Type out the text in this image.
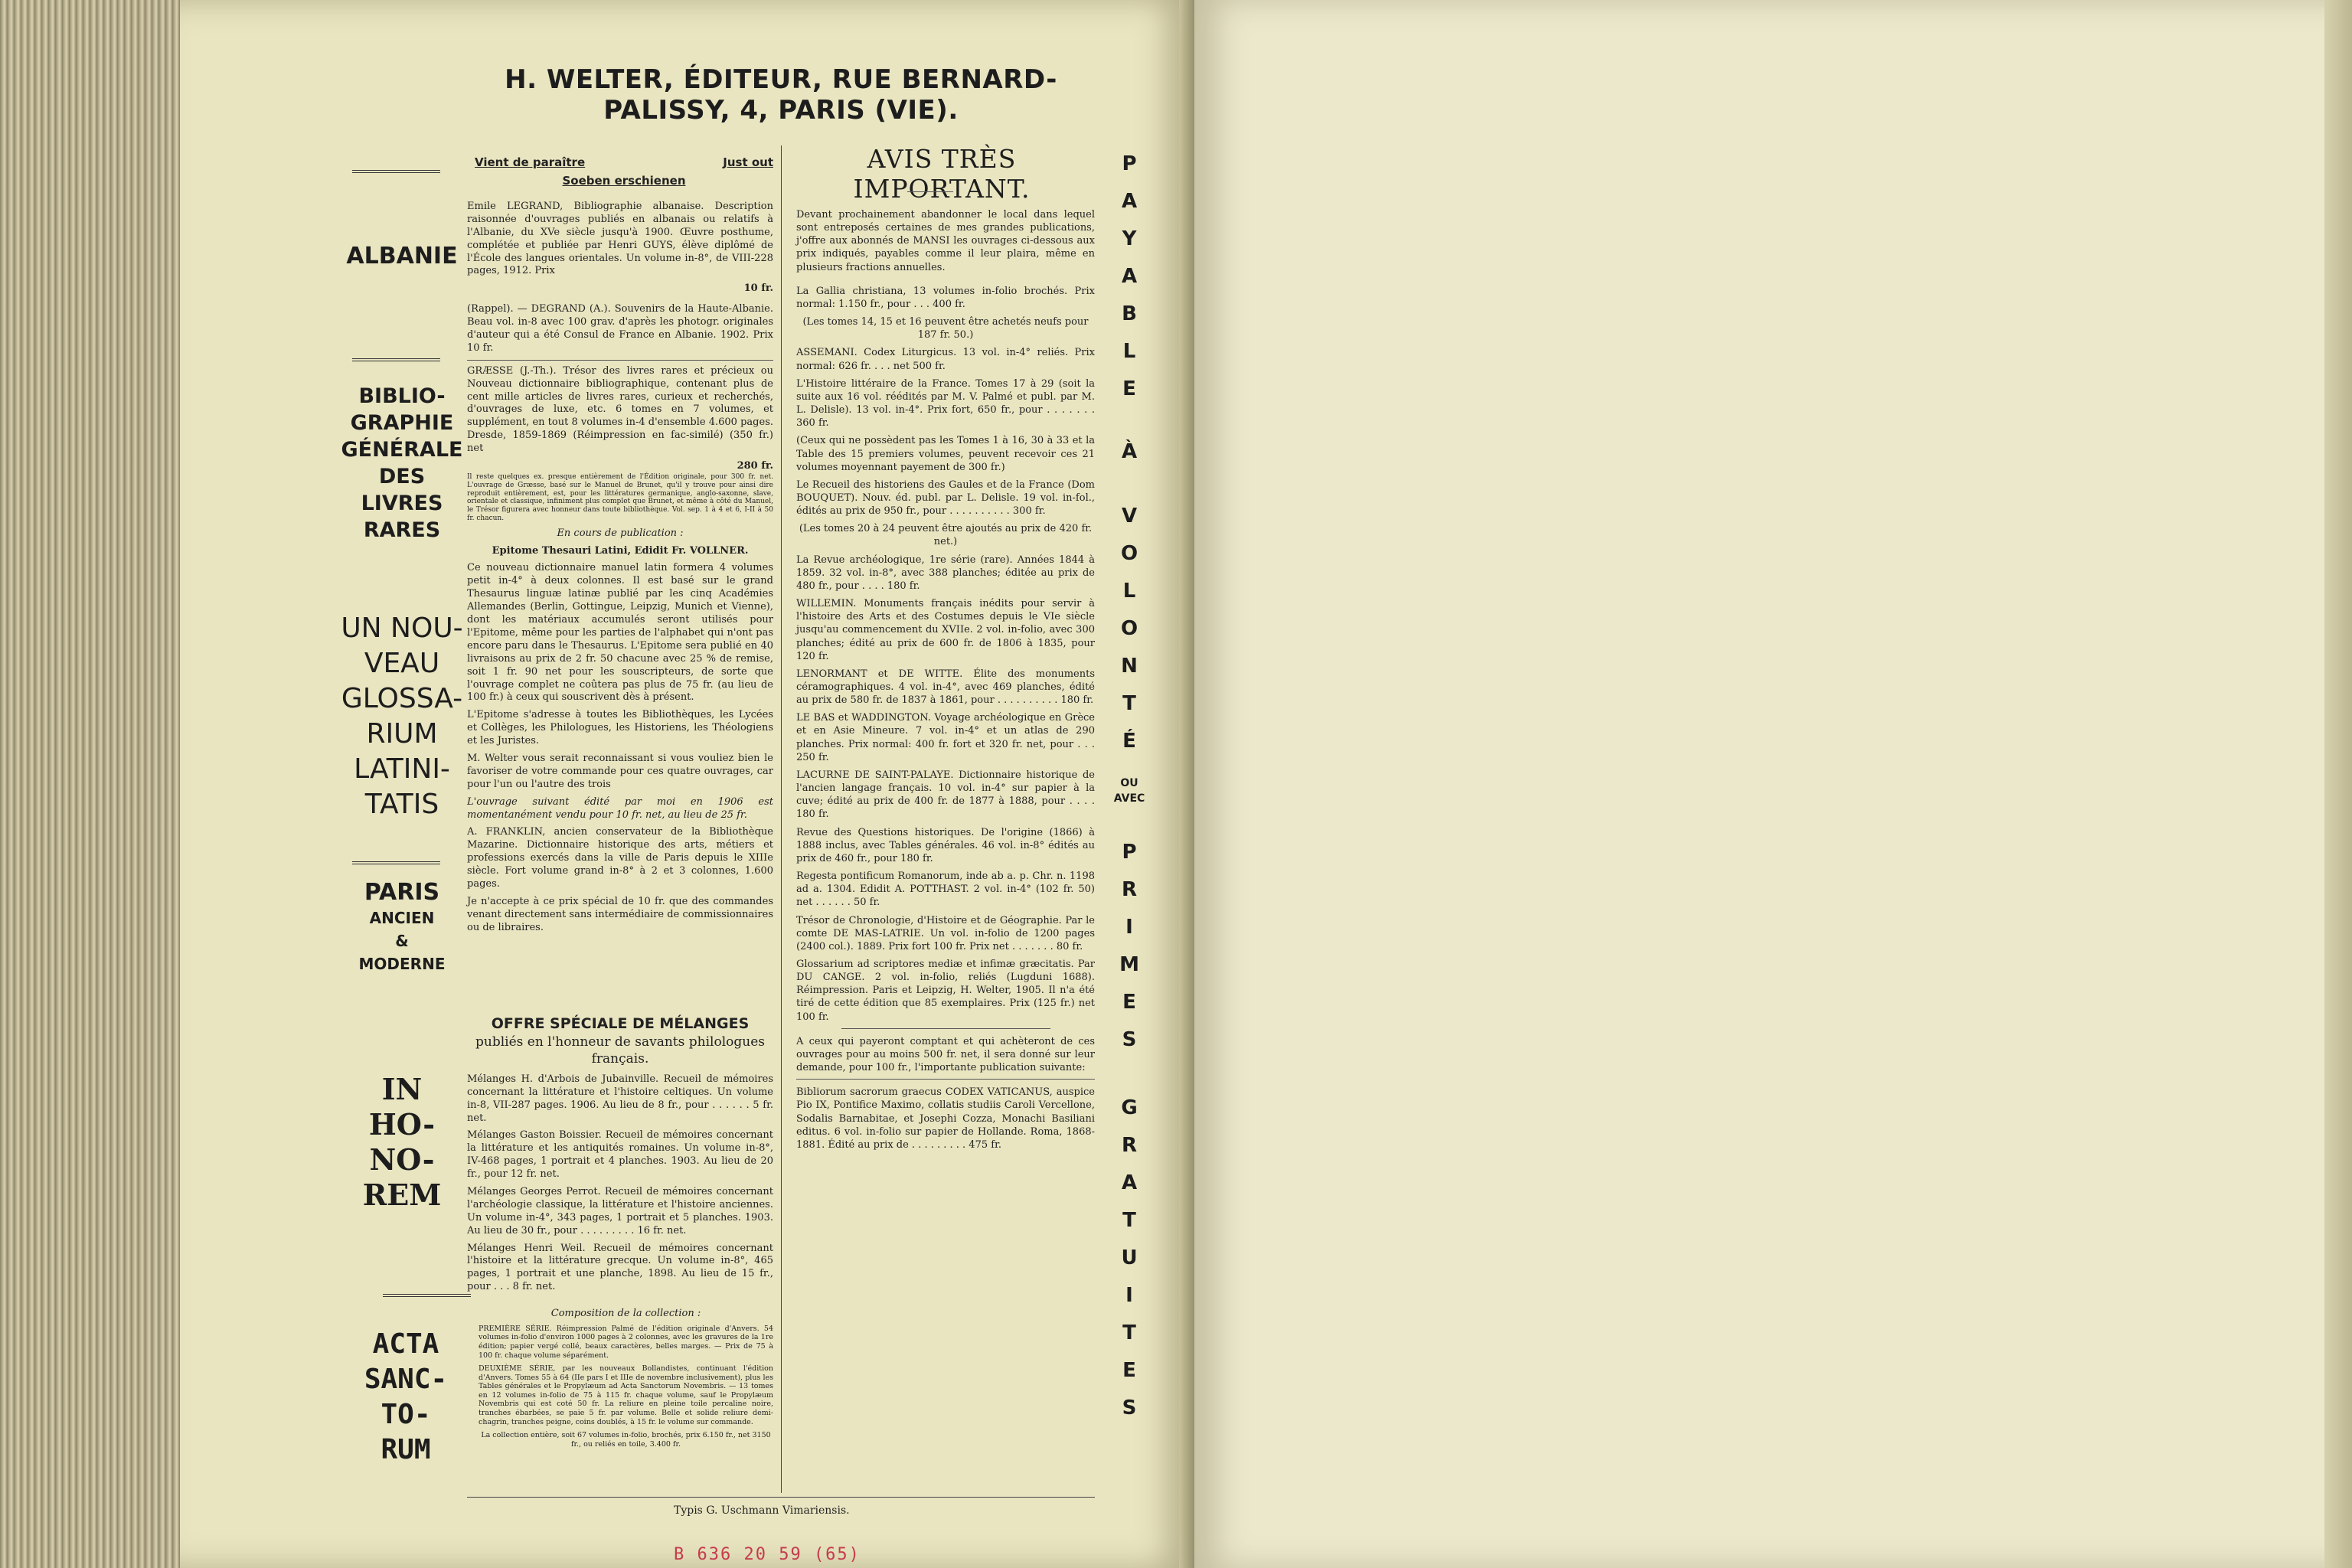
H. WELTER, ÉDITEUR, RUE BERNARD-PALISSY, 4, PARIS (VIE).
ALBANIE
BIBLIO-
GRAPHIE
GÉNÉRALE
DES
LIVRES
RARES
UN NOU-
VEAU
GLOSSA-
RIUM
LATINI-
TATIS
PARIS
ANCIEN
&
MODERNE
IN
HO-
NO-
REM
ACTA
SANC-
TO-
RUM
Vient de paraître	Just out
Soeben erschienen

Emile LEGRAND, Bibliographie albanaise. Description raisonnée d'ouvrages publiés en albanais ou relatifs à l'Albanie, du XVe siècle jusqu'à 1900. Œuvre posthume, complétée et publiée par Henri GUYS, élève diplômé de l'École des langues orientales. Un volume in-8°, de VIII-228 pages, 1912. Prix

10 fr.

(Rappel). — DEGRAND (A.). Souvenirs de la Haute-Albanie. Beau vol. in-8 avec 100 grav. d'après les photogr. originales d'auteur qui a été Consul de France en Albanie. 1902. Prix 10 fr.

GRÆSSE (J.-Th.). Trésor des livres rares et précieux ou Nouveau dictionnaire bibliographique, contenant plus de cent mille articles de livres rares, curieux et recherchés, d'ouvrages de luxe, etc. 6 tomes en 7 volumes, et supplément, en tout 8 volumes in-4 d'ensemble 4.600 pages. Dresde, 1859-1869 (Réimpression en fac-similé) (350 fr.) net

280 fr.

Il reste quelques ex. presque entièrement de l'Édition originale, pour 300 fr. net. L'ouvrage de Græsse, basé sur le Manuel de Brunet, qu'il y trouve pour ainsi dire reproduit entièrement, est, pour les littératures germanique, anglo-saxonne, slave, orientale et classique, infiniment plus complet que Brunet, et même à côté du Manuel, le Trésor figurera avec honneur dans toute bibliothèque. Vol. sep. 1 à 4 et 6, I-II à 50 fr. chacun.

En cours de publication :

Epitome Thesauri Latini, Edidit Fr. VOLLNER.

Ce nouveau dictionnaire manuel latin formera 4 volumes petit in-4° à deux colonnes. Il est basé sur le grand Thesaurus linguæ latinæ publié par les cinq Académies Allemandes (Berlin, Gottingue, Leipzig, Munich et Vienne), dont les matériaux accumulés seront utilisés pour l'Epitome, même pour les parties de l'alphabet qui n'ont pas encore paru dans le Thesaurus. L'Epitome sera publié en 40 livraisons au prix de 2 fr. 50 chacune avec 25 % de remise, soit 1 fr. 90 net pour les souscripteurs, de sorte que l'ouvrage complet ne coûtera pas plus de 75 fr. (au lieu de 100 fr.) à ceux qui souscrivent dès à présent.

L'Epitome s'adresse à toutes les Bibliothèques, les Lycées et Collèges, les Philologues, les Historiens, les Théologiens et les Juristes.

M. Welter vous serait reconnaissant si vous vouliez bien le favoriser de votre commande pour ces quatre ouvrages, car pour l'un ou l'autre des trois

L'ouvrage suivant édité par moi en 1906 est momentanément vendu pour 10 fr. net, au lieu de 25 fr.

A. FRANKLIN, ancien conservateur de la Bibliothèque Mazarine. Dictionnaire historique des arts, métiers et professions exercés dans la ville de Paris depuis le XIIIe siècle. Fort volume grand in-8° à 2 et 3 colonnes, 1.600 pages.

Je n'accepte à ce prix spécial de 10 fr. que des commandes venant directement sans intermédiaire de commissionnaires ou de libraires.

OFFRE SPÉCIALE DE MÉLANGES
publiés en l'honneur de savants philologues français.

Mélanges H. d'Arbois de Jubainville. Recueil de mémoires concernant la littérature et l'histoire celtiques. Un volume in-8, VII-287 pages. 1906. Au lieu de 8 fr., pour . . . . . . 5 fr. net.

Mélanges Gaston Boissier. Recueil de mémoires concernant la littérature et les antiquités romaines. Un volume in-8°, IV-468 pages, 1 portrait et 4 planches. 1903. Au lieu de 20 fr., pour 12 fr. net.

Mélanges Georges Perrot. Recueil de mémoires concernant l'archéologie classique, la littérature et l'histoire anciennes. Un volume in-4°, 343 pages, 1 portrait et 5 planches. 1903. Au lieu de 30 fr., pour . . . . . . . . . 16 fr. net.

Mélanges Henri Weil. Recueil de mémoires concernant l'histoire et la littérature grecque. Un volume in-8°, 465 pages, 1 portrait et une planche, 1898. Au lieu de 15 fr., pour . . . 8 fr. net.

Composition de la collection :

PREMIÈRE SÉRIE. Réimpression Palmé de l'édition originale d'Anvers. 54 volumes in-folio d'environ 1000 pages à 2 colonnes, avec les gravures de la 1re édition; papier vergé collé, beaux caractères, belles marges. — Prix de 75 à 100 fr. chaque volume séparément.

DEUXIÈME SÉRIE, par les nouveaux Bollandistes, continuant l'édition d'Anvers. Tomes 55 à 64 (IIe pars I et IIIe de novembre inclusivement), plus les Tables générales et le Propylæum ad Acta Sanctorum Novembris. — 13 tomes en 12 volumes in-folio de 75 à 115 fr. chaque volume, sauf le Propylæum Novembris qui est coté 50 fr. La reliure en pleine toile percaline noire, tranches ébarbées, se paie 5 fr. par volume. Belle et solide reliure demi-chagrin, tranches peigne, coins doublés, à 15 fr. le volume sur commande.

La collection entière, soit 67 volumes in-folio, brochés, prix 6.150 fr., net 3150 fr., ou reliés en toile, 3.400 fr.

AVIS TRÈS IMPORTANT.

Devant prochainement abandonner le local dans lequel sont entreposés certaines de mes grandes publications, j'offre aux abonnés de MANSI les ouvrages ci-dessous aux prix indiqués, payables comme il leur plaira, même en plusieurs fractions annuelles.

La Gallia christiana, 13 volumes in-folio brochés. Prix normal: 1.150 fr., pour . . . 400 fr.

(Les tomes 14, 15 et 16 peuvent être achetés neufs pour 187 fr. 50.)

ASSEMANI. Codex Liturgicus. 13 vol. in-4° reliés. Prix normal: 626 fr. . . . net 500 fr.

L'Histoire littéraire de la France. Tomes 17 à 29 (soit la suite aux 16 vol. réédités par M. V. Palmé et publ. par M. L. Delisle). 13 vol. in-4°. Prix fort, 650 fr., pour . . . . . . . 360 fr.

(Ceux qui ne possèdent pas les Tomes 1 à 16, 30 à 33 et la Table des 15 premiers volumes, peuvent recevoir ces 21 volumes moyennant payement de 300 fr.)

Le Recueil des historiens des Gaules et de la France (Dom BOUQUET). Nouv. éd. publ. par L. Delisle. 19 vol. in-fol., édités au prix de 950 fr., pour . . . . . . . . . . 300 fr.

(Les tomes 20 à 24 peuvent être ajoutés au prix de 420 fr. net.)

La Revue archéologique, 1re série (rare). Années 1844 à 1859. 32 vol. in-8°, avec 388 planches; éditée au prix de 480 fr., pour . . . . 180 fr.

WILLEMIN. Monuments français inédits pour servir à l'histoire des Arts et des Costumes depuis le VIe siècle jusqu'au commencement du XVIIe. 2 vol. in-folio, avec 300 planches; édité au prix de 600 fr. de 1806 à 1835, pour 120 fr.

LENORMANT et DE WITTE. Élite des monuments céramographiques. 4 vol. in-4°, avec 469 planches, édité au prix de 580 fr. de 1837 à 1861, pour . . . . . . . . . . 180 fr.

LE BAS et WADDINGTON. Voyage archéologique en Grèce et en Asie Mineure. 7 vol. in-4° et un atlas de 290 planches. Prix normal: 400 fr. fort et 320 fr. net, pour . . . 250 fr.

LACURNE DE SAINT-PALAYE. Dictionnaire historique de l'ancien langage français. 10 vol. in-4° sur papier à la cuve; édité au prix de 400 fr. de 1877 à 1888, pour . . . . 180 fr.

Revue des Questions historiques. De l'origine (1866) à 1888 inclus, avec Tables générales. 46 vol. in-8° édités au prix de 460 fr., pour 180 fr.

Regesta pontificum Romanorum, inde ab a. p. Chr. n. 1198 ad a. 1304. Edidit A. POTTHAST. 2 vol. in-4° (102 fr. 50) net . . . . . . 50 fr.

Trésor de Chronologie, d'Histoire et de Géographie. Par le comte DE MAS-LATRIE. Un vol. in-folio de 1200 pages (2400 col.). 1889. Prix fort 100 fr. Prix net . . . . . . . 80 fr.

Glossarium ad scriptores mediæ et infimæ græcitatis. Par DU CANGE. 2 vol. in-folio, reliés (Lugduni 1688). Réimpression. Paris et Leipzig, H. Welter, 1905. Il n'a été tiré de cette édition que 85 exemplaires. Prix (125 fr.) net 100 fr.

A ceux qui payeront comptant et qui achèteront de ces ouvrages pour au moins 500 fr. net, il sera donné sur leur demande, pour 100 fr., l'importante publication suivante:

Bibliorum sacrorum graecus CODEX VATICANUS, auspice Pio IX, Pontifice Maximo, collatis studiis Caroli Vercellone, Sodalis Barnabitae, et Josephi Cozza, Monachi Basiliani editus. 6 vol. in-folio sur papier de Hollande. Roma, 1868-1881. Édité au prix de . . . . . . . . . 475 fr.

P
A
Y
A
B
L
E
À
V
O
L
O
N
T
É
OU
AVEC
P
R
I
M
E
S
G
R
A
T
U
I
T
E
S
Typis G. Uschmann Vimariensis.
B 636 20 59 (65)
